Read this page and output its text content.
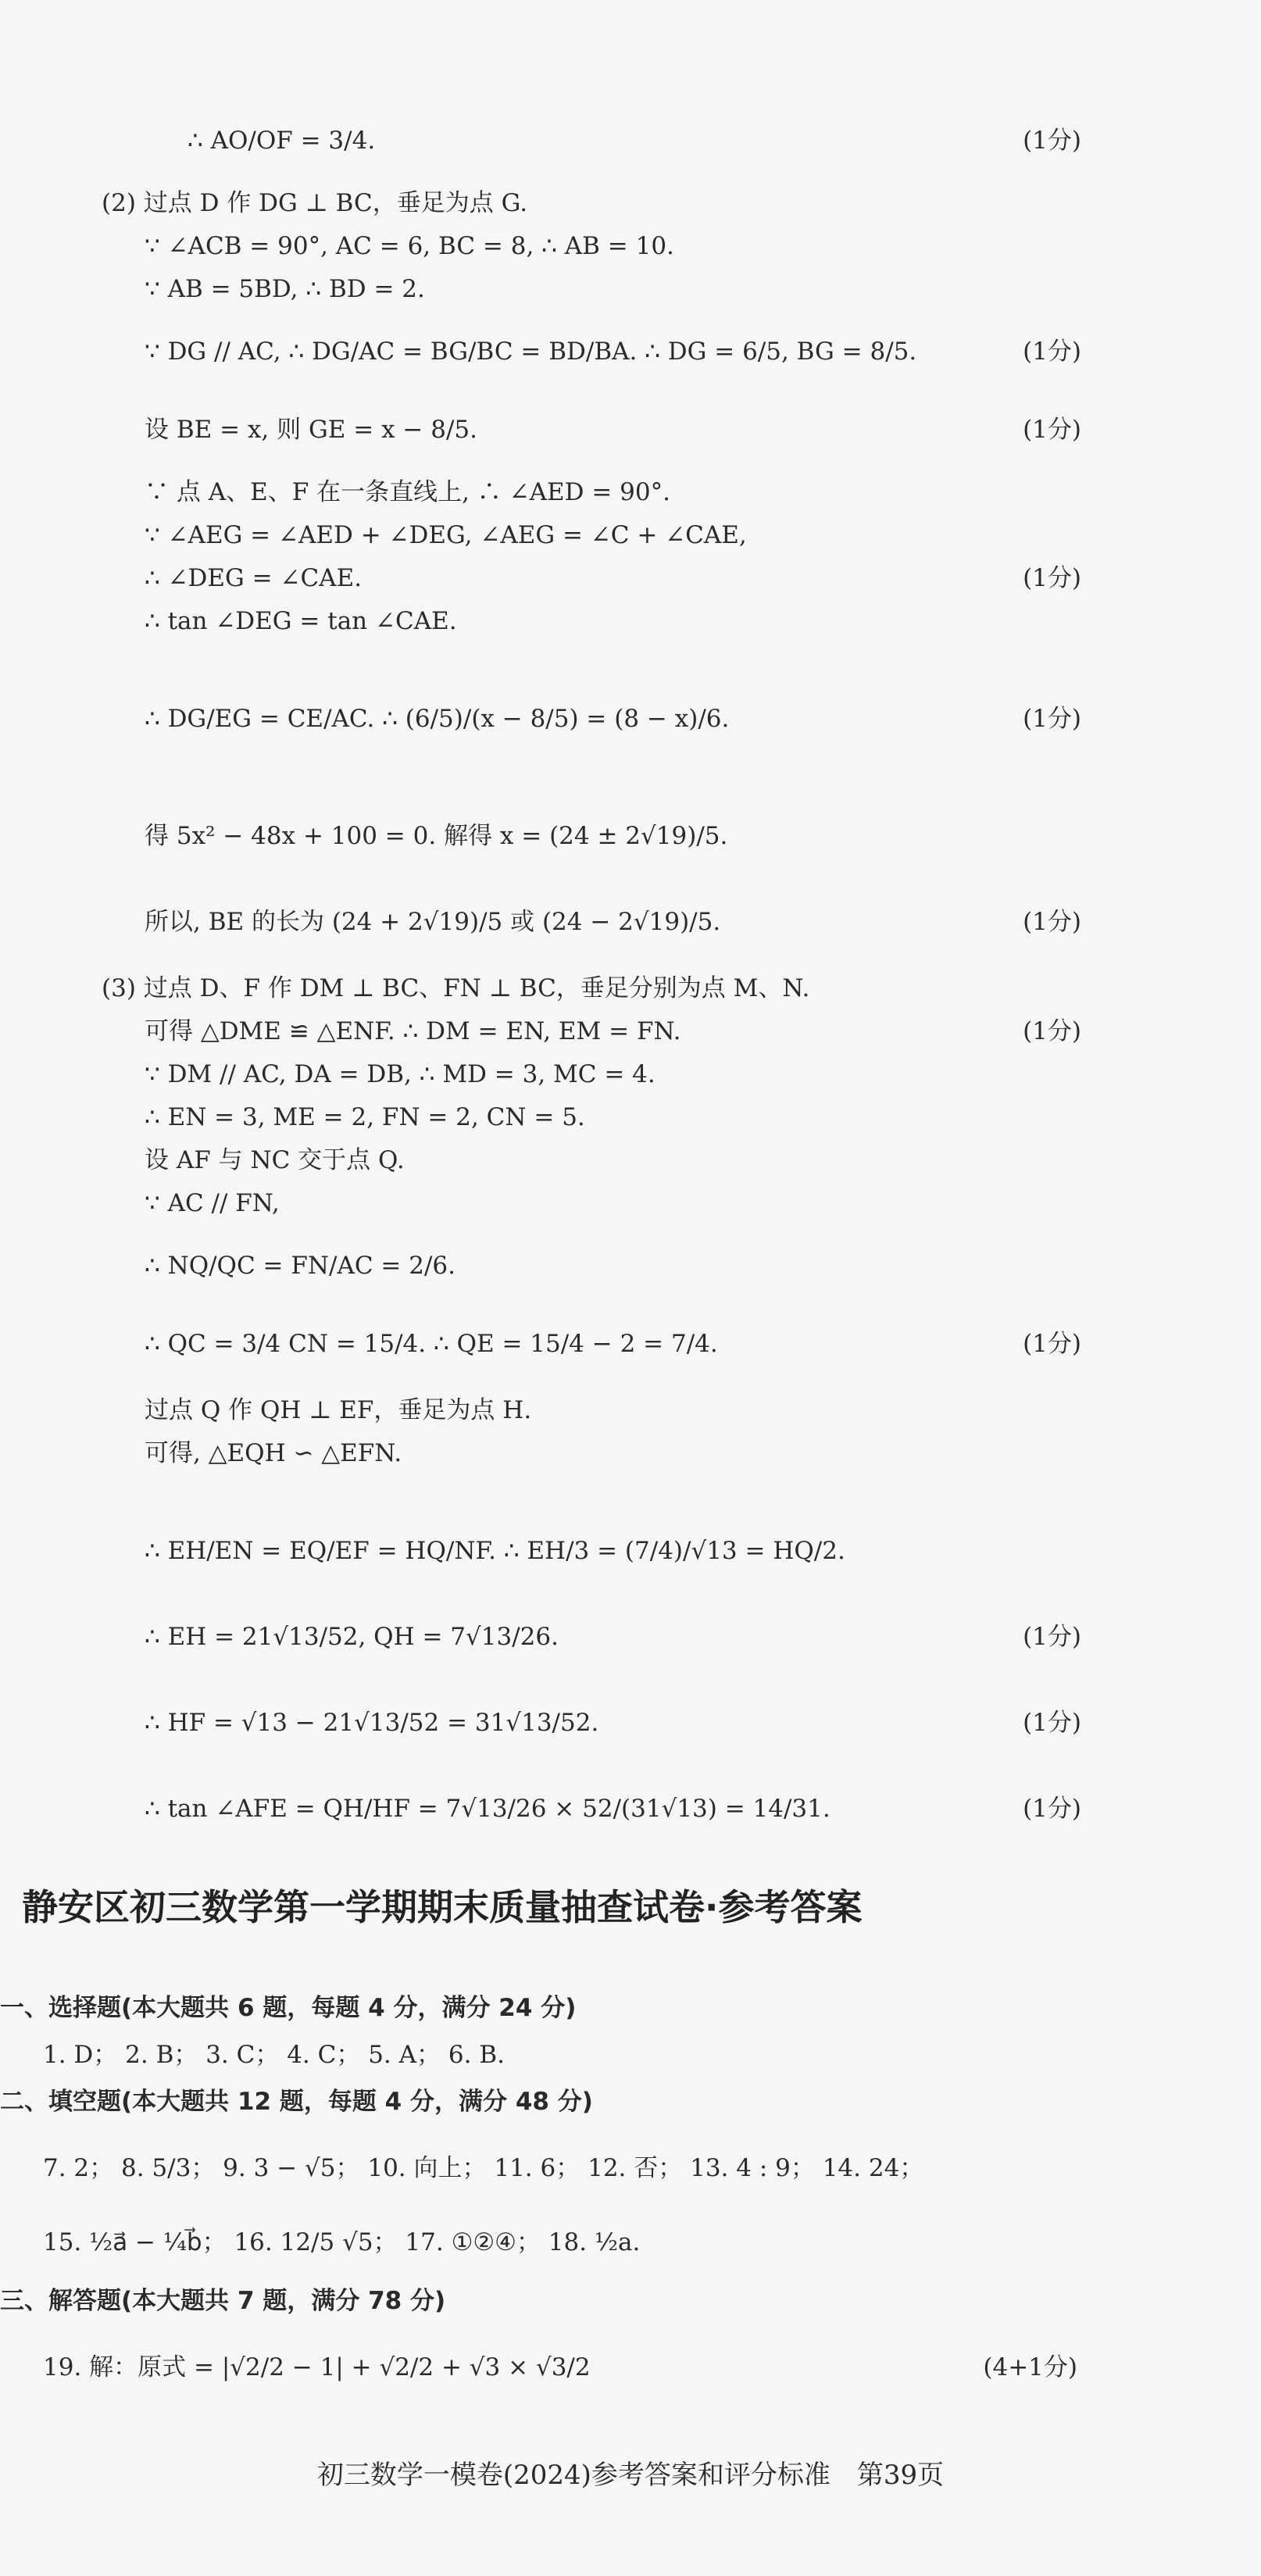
∴ AO/OF = 3/4.	(1分)
(2) 过点 D 作 DG ⊥ BC，垂足为点 G.
∵ ∠ACB = 90°, AC = 6, BC = 8, ∴ AB = 10.
∵ AB = 5BD, ∴ BD = 2.
∵ DG // AC, ∴ DG/AC = BG/BC = BD/BA. ∴ DG = 6/5, BG = 8/5.	(1分)
设 BE = x, 则 GE = x − 8/5.	(1分)
∵ 点 A、E、F 在一条直线上, ∴ ∠AED = 90°.
∵ ∠AEG = ∠AED + ∠DEG, ∠AEG = ∠C + ∠CAE,
∴ ∠DEG = ∠CAE.	(1分)
∴ tan ∠DEG = tan ∠CAE.
∴ DG/EG = CE/AC. ∴ (6/5)/(x − 8/5) = (8 − x)/6.	(1分)
得 5x² − 48x + 100 = 0. 解得 x = (24 ± 2√19)/5.
所以, BE 的长为 (24 + 2√19)/5 或 (24 − 2√19)/5.	(1分)
(3) 过点 D、F 作 DM ⊥ BC、FN ⊥ BC，垂足分别为点 M、N.
可得 △DME ≌ △ENF. ∴ DM = EN, EM = FN.	(1分)
∵ DM // AC, DA = DB, ∴ MD = 3, MC = 4.
∴ EN = 3, ME = 2, FN = 2, CN = 5.
设 AF 与 NC 交于点 Q.
∵ AC // FN,
∴ NQ/QC = FN/AC = 2/6.
∴ QC = 3/4 CN = 15/4. ∴ QE = 15/4 − 2 = 7/4.	(1分)
过点 Q 作 QH ⊥ EF，垂足为点 H.
可得, △EQH ∽ △EFN.
∴ EH/EN = EQ/EF = HQ/NF. ∴ EH/3 = (7/4)/√13 = HQ/2.
∴ EH = 21√13/52, QH = 7√13/26.	(1分)
∴ HF = √13 − 21√13/52 = 31√13/52.	(1分)
∴ tan ∠AFE = QH/HF = 7√13/26 × 52/(31√13) = 14/31.	(1分)
静安区初三数学第一学期期末质量抽查试卷·参考答案
一、选择题(本大题共 6 题，每题 4 分，满分 24 分)
1. D； 2. B； 3. C； 4. C； 5. A； 6. B.
二、填空题(本大题共 12 题，每题 4 分，满分 48 分)
7. 2； 8. 5/3； 9. 3 − √5； 10. 向上； 11. 6； 12. 否； 13. 4 : 9； 14. 24；
15. ½a⃗ − ¼b⃗； 16. 12/5 √5； 17. ①②④； 18. ½a.
三、解答题(本大题共 7 题，满分 78 分)
19. 解：原式 = |√2/2 − 1| + √2/2 + √3 × √3/2	(4+1分)
初三数学一模卷(2024)参考答案和评分标准　第39页
